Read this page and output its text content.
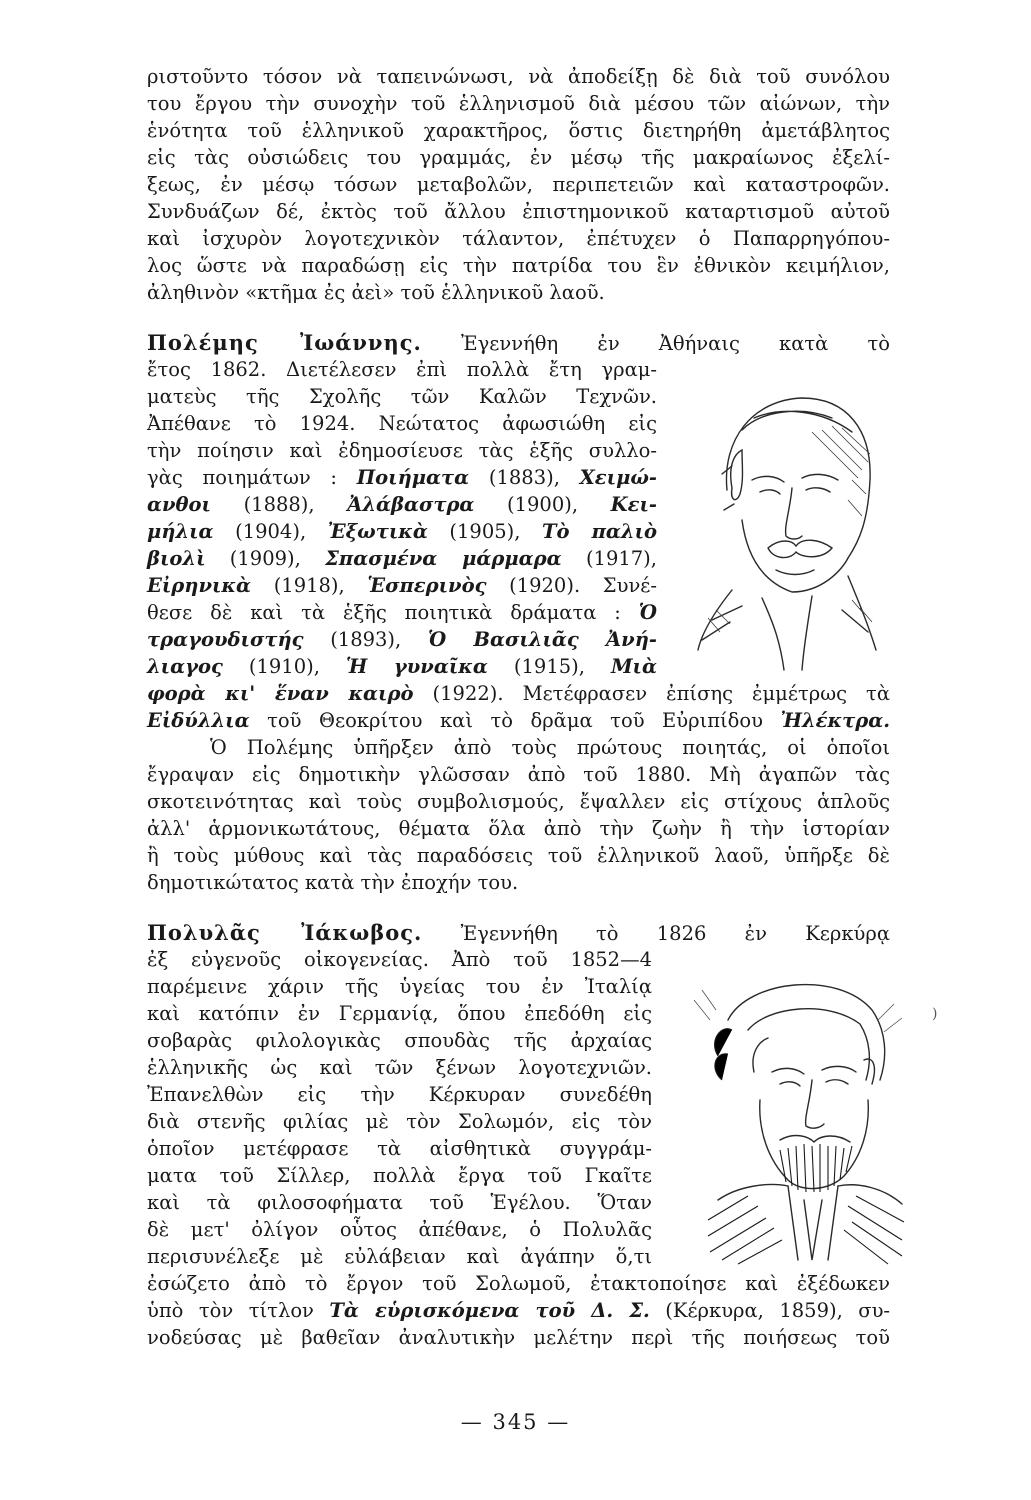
ριστοῦντο τόσον νὰ ταπεινώνωσι, νὰ ἀποδείξῃ δὲ διὰ τοῦ συνόλου
του ἔργου τὴν συνοχὴν τοῦ ἑλληνισμοῦ διὰ μέσου τῶν αἰώνων, τὴν
ἑνότητα τοῦ ἑλληνικοῦ χαρακτῆρος, ὅστις διετηρήθη ἀμετάβλητος
εἰς τὰς οὐσιώδεις του γραμμάς, ἐν μέσῳ τῆς μακραίωνος ἐξελί-
ξεως, ἐν μέσῳ τόσων μεταβολῶν, περιπετειῶν καὶ καταστροφῶν.
Συνδυάζων δέ, ἐκτὸς τοῦ ἄλλου ἐπιστημονικοῦ καταρτισμοῦ αὐτοῦ
καὶ ἰσχυρὸν λογοτεχνικὸν τάλαντον, ἐπέτυχεν ὁ Παπαρρηγόπου-
λος ὥστε νὰ παραδώσῃ εἰς τὴν πατρίδα του ἓν ἐθνικὸν κειμήλιον,
ἀληθινὸν «κτῆμα ἐς ἀεὶ» τοῦ ἑλληνικοῦ λαοῦ.
Πολέμης Ἰωάννης. Ἐγεννήθη ἐν Ἀθήναις κατὰ τὸ
ἔτος 1862. Διετέλεσεν ἐπὶ πολλὰ ἔτη γραμ-
ματεὺς τῆς Σχολῆς τῶν Καλῶν Τεχνῶν.
Ἀπέθανε τὸ 1924. Νεώτατος ἀφωσιώθη εἰς
τὴν ποίησιν καὶ ἐδημοσίευσε τὰς ἑξῆς συλλο-
γὰς ποιημάτων : Ποιήματα (1883), Χειμώ-
ανθοι (1888), Ἀλάβαστρα (1900), Κει-
μήλια (1904), Ἐξωτικὰ (1905), Τὸ παλιὸ
βιολὶ (1909), Σπασμένα μάρμαρα (1917),
Εἰρηνικὰ (1918), Ἑσπερινὸς (1920). Συνέ-
θεσε δὲ καὶ τὰ ἑξῆς ποιητικὰ δράματα : Ὁ
τραγουδιστής (1893), Ὁ Βασιλιᾶς Ἀνή-
λιαγος (1910), Ἡ γυναῖκα (1915), Μιὰ
φορὰ κι' ἕναν καιρὸ (1922). Μετέφρασεν ἐπίσης ἐμμέτρως τὰ
Εἰδύλλια τοῦ Θεοκρίτου καὶ τὸ δρᾶμα τοῦ Εὐριπίδου Ἠλέκτρα.
Ὁ Πολέμης ὑπῆρξεν ἀπὸ τοὺς πρώτους ποιητάς, οἱ ὁποῖοι
ἔγραψαν εἰς δημοτικὴν γλῶσσαν ἀπὸ τοῦ 1880. Μὴ ἀγαπῶν τὰς
σκοτεινότητας καὶ τοὺς συμβολισμούς, ἔψαλλεν εἰς στίχους ἁπλοῦς
ἀλλ' ἁρμονικωτάτους, θέματα ὅλα ἀπὸ τὴν ζωὴν ἢ τὴν ἱστορίαν
ἢ τοὺς μύθους καὶ τὰς παραδόσεις τοῦ ἑλληνικοῦ λαοῦ, ὑπῆρξε δὲ
δημοτικώτατος κατὰ τὴν ἐποχήν του.
Πολυλᾶς Ἰάκωβος. Ἐγεννήθη τὸ 1826 ἐν Κερκύρᾳ
ἐξ εὐγενοῦς οἰκογενείας. Ἀπὸ τοῦ 1852—4
παρέμεινε χάριν τῆς ὑγείας του ἐν Ἰταλίᾳ
καὶ κατόπιν ἐν Γερμανίᾳ, ὅπου ἐπεδόθη εἰς
σοβαρὰς φιλολογικὰς σπουδὰς τῆς ἀρχαίας
ἑλληνικῆς ὡς καὶ τῶν ξένων λογοτεχνιῶν.
Ἐπανελθὼν εἰς τὴν Κέρκυραν συνεδέθη
διὰ στενῆς φιλίας μὲ τὸν Σολωμόν, εἰς τὸν
ὁποῖον μετέφρασε τὰ αἰσθητικὰ συγγράμ-
ματα τοῦ Σίλλερ, πολλὰ ἔργα τοῦ Γκαῖτε
καὶ τὰ φιλοσοφήματα τοῦ Ἑγέλου. Ὅταν
δὲ μετ' ὀλίγον οὗτος ἀπέθανε, ὁ Πολυλᾶς
περισυνέλεξε μὲ εὐλάβειαν καὶ ἀγάπην ὅ,τι
ἐσώζετο ἀπὸ τὸ ἔργον τοῦ Σολωμοῦ, ἐτακτοποίησε καὶ ἐξέδωκεν
ὑπὸ τὸν τίτλον Τὰ εὑρισκόμενα τοῦ Δ. Σ. (Κέρκυρα, 1859), συ-
νοδεύσας μὲ βαθεῖαν ἀναλυτικὴν μελέτην περὶ τῆς ποιήσεως τοῦ
)
— 345 —
